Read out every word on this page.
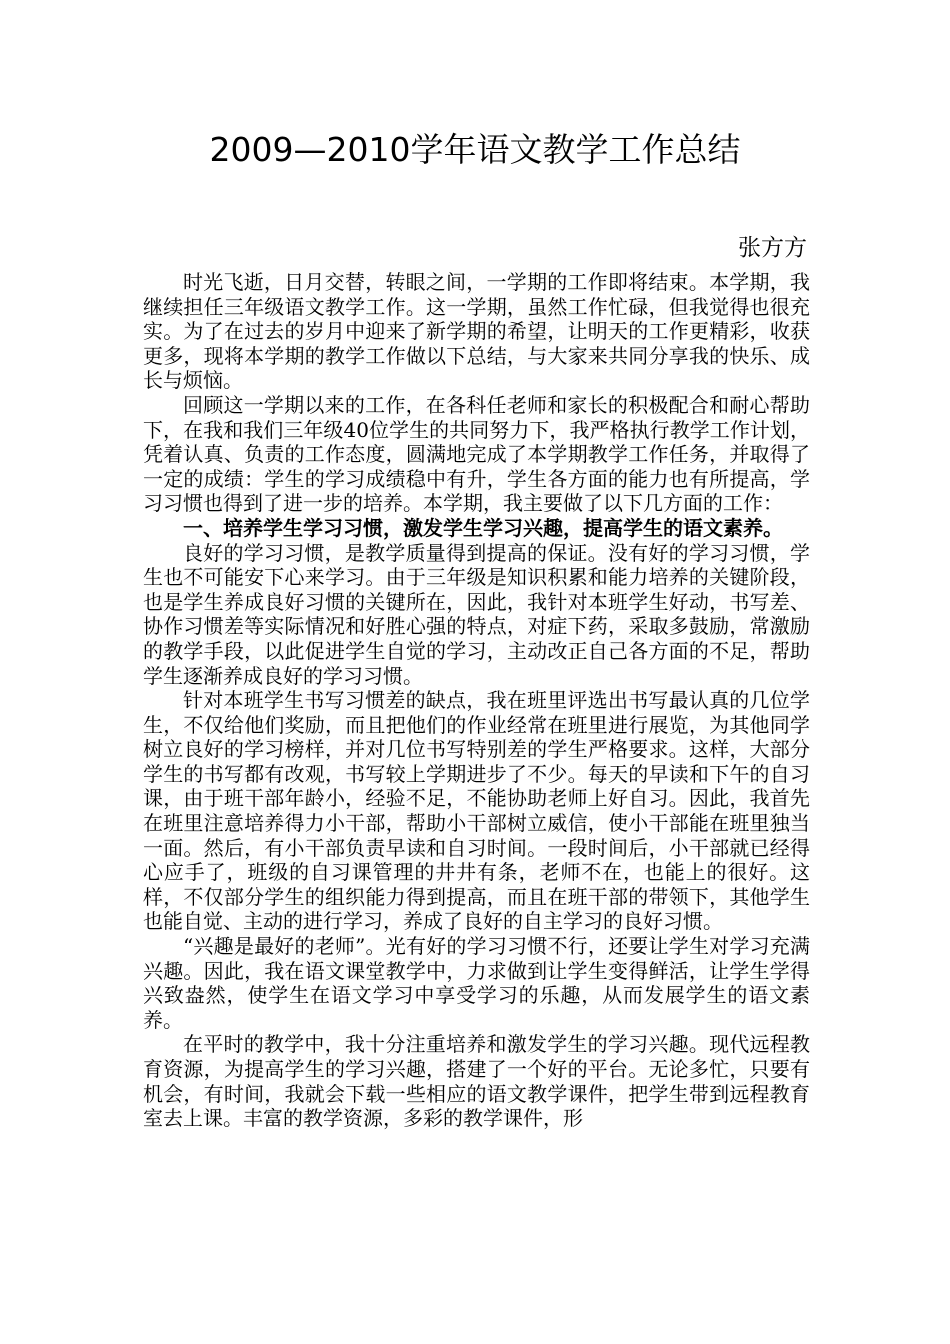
2009—2010学年语文教学工作总结
张方方

时光飞逝，日月交替，转眼之间，一学期的工作即将结束。本学期，我继续担任三年级语文教学工作。这一学期，虽然工作忙碌，但我觉得也很充实。为了在过去的岁月中迎来了新学期的希望，让明天的工作更精彩，收获更多，现将本学期的教学工作做以下总结，与大家来共同分享我的快乐、成长与烦恼。

回顾这一学期以来的工作，在各科任老师和家长的积极配合和耐心帮助下，在我和我们三年级40位学生的共同努力下，我严格执行教学工作计划，凭着认真、负责的工作态度，圆满地完成了本学期教学工作任务，并取得了一定的成绩：学生的学习成绩稳中有升，学生各方面的能力也有所提高，学习习惯也得到了进一步的培养。本学期，我主要做了以下几方面的工作：

一、培养学生学习习惯，激发学生学习兴趣，提高学生的语文素养。

良好的学习习惯，是教学质量得到提高的保证。没有好的学习习惯，学生也不可能安下心来学习。由于三年级是知识积累和能力培养的关键阶段，也是学生养成良好习惯的关键所在，因此，我针对本班学生好动，书写差、协作习惯差等实际情况和好胜心强的特点，对症下药，采取多鼓励，常激励的教学手段，以此促进学生自觉的学习，主动改正自己各方面的不足，帮助学生逐渐养成良好的学习习惯。

针对本班学生书写习惯差的缺点，我在班里评选出书写最认真的几位学生，不仅给他们奖励，而且把他们的作业经常在班里进行展览，为其他同学树立良好的学习榜样，并对几位书写特别差的学生严格要求。这样，大部分学生的书写都有改观，书写较上学期进步了不少。每天的早读和下午的自习课，由于班干部年龄小，经验不足，不能协助老师上好自习。因此，我首先在班里注意培养得力小干部，帮助小干部树立威信，使小干部能在班里独当一面。然后，有小干部负责早读和自习时间。一段时间后，小干部就已经得心应手了，班级的自习课管理的井井有条，老师不在，也能上的很好。这样，不仅部分学生的组织能力得到提高，而且在班干部的带领下，其他学生也能自觉、主动的进行学习，养成了良好的自主学习的良好习惯。

“兴趣是最好的老师”。光有好的学习习惯不行，还要让学生对学习充满兴趣。因此，我在语文课堂教学中，力求做到让学生变得鲜活，让学生学得兴致盎然，使学生在语文学习中享受学习的乐趣，从而发展学生的语文素养。

在平时的教学中，我十分注重培养和激发学生的学习兴趣。现代远程教育资源，为提高学生的学习兴趣，搭建了一个好的平台。无论多忙，只要有机会，有时间，我就会下载一些相应的语文教学课件，把学生带到远程教育室去上课。丰富的教学资源，多彩的教学课件，形
